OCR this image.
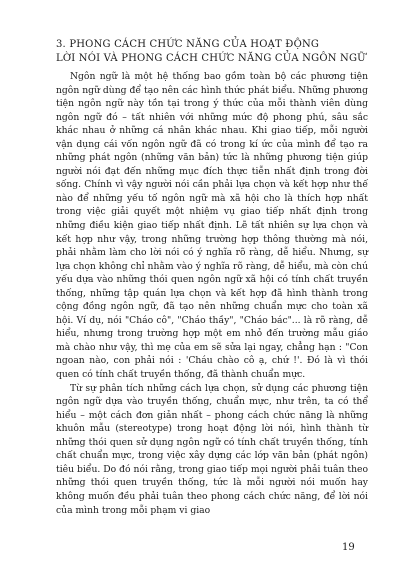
3. PHONG CÁCH CHỨC NĂNG CỦA HOẠT ĐỘNG
LỜI NÓI VÀ PHONG CÁCH CHỨC NĂNG CỦA NGÔN NGỮ

Ngôn ngữ là một hệ thống bao gồm toàn bộ các phương tiện ngôn ngữ dùng để tạo nên các hình thức phát biểu. Những phương tiện ngôn ngữ này tồn tại trong ý thức của mỗi thành viên dùng ngôn ngữ đó – tất nhiên với những mức độ phong phú, sâu sắc khác nhau ở những cá nhân khác nhau. Khi giao tiếp, mỗi người vận dụng cái vốn ngôn ngữ đã có trong kí ức của mình để tạo ra những phát ngôn (những văn bản) tức là những phương tiện giúp người nói đạt đến những mục đích thực tiễn nhất định trong đời sống. Chính vì vậy người nói cần phải lựa chọn và kết hợp như thế nào để những yếu tố ngôn ngữ mà xã hội cho là thích hợp nhất trong việc giải quyết một nhiệm vụ giao tiếp nhất định trong những điều kiện giao tiếp nhất định. Lẽ tất nhiên sự lựa chọn và kết hợp như vậy, trong những trường hợp thông thường mà nói, phải nhằm làm cho lời nói có ý nghĩa rõ ràng, dễ hiểu. Nhưng, sự lựa chọn không chỉ nhằm vào ý nghĩa rõ ràng, dễ hiểu, mà còn chú yếu dựa vào những thói quen ngôn ngữ xã hội có tính chất truyền thống, những tập quán lựa chọn và kết hợp đã hình thành trong cộng đồng ngôn ngữ, đã tạo nên những chuẩn mực cho toàn xã hội. Ví dụ, nói "Cháo cô", "Cháo thầy", "Cháo bác"... là rõ ràng, dễ hiểu, nhưng trong trường hợp một em nhỏ đến trường mẫu giáo mà chào như vậy, thì mẹ của em sẽ sửa lại ngay, chẳng hạn : "Con ngoan nào, con phải nói : 'Cháu chào cô ạ, chứ !'. Đó là vì thói quen có tính chất truyền thống, đã thành chuẩn mực.

Từ sự phân tích những cách lựa chọn, sử dụng các phương tiện ngôn ngữ dựa vào truyền thống, chuẩn mực, như trên, ta có thể hiểu – một cách đơn giản nhất – phong cách chức năng là những khuôn mẫu (stereotype) trong hoạt động lời nói, hình thành từ những thói quen sử dụng ngôn ngữ có tính chất truyền thống, tính chất chuẩn mực, trong việc xây dựng các lớp văn bản (phát ngôn) tiêu biểu. Do đó nói rằng, trong giao tiếp mọi người phải tuân theo những thói quen truyền thống, tức là mỗi người nói muốn hay không muốn đều phải tuân theo phong cách chức năng, để lời nói của mình trong mỗi phạm vi giao

19
